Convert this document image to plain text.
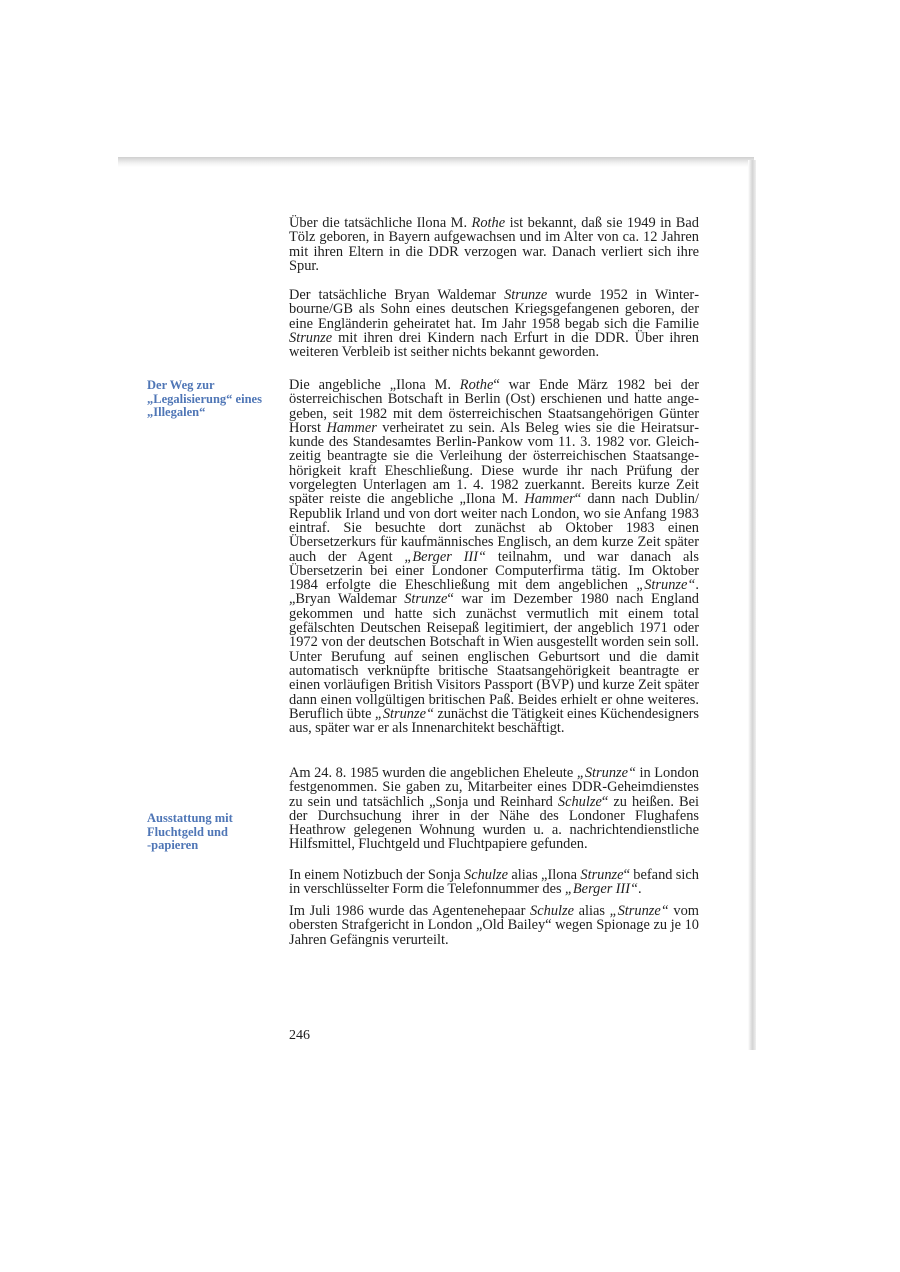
Über die tatsächliche Ilona M. Rothe ist bekannt, daß sie 1949 in Bad Tölz geboren, in Bayern aufgewachsen und im Alter von ca. 12 Jahren mit ihren Eltern in die DDR verzogen war. Danach verliert sich ihre Spur.

Der tatsächliche Bryan Waldemar Strunze wurde 1952 in Winterbourne/GB als Sohn eines deutschen Kriegsgefangenen geboren, der eine Engländerin geheiratet hat. Im Jahr 1958 begab sich die Familie Strunze mit ihren drei Kindern nach Erfurt in die DDR. Über ihren weiteren Verbleib ist seither nichts bekannt geworden.

Der Weg zur
„Legalisierung“ eines
„Illegalen“

Die angebliche „Ilona M. Rothe“ war Ende März 1982 bei der österreichischen Botschaft in Berlin (Ost) erschienen und hatte angegeben, seit 1982 mit dem österreichischen Staatsangehörigen Günter Horst Hammer verheiratet zu sein. Als Beleg wies sie die Heiratsurkunde des Standesamtes Berlin-Pankow vom 11. 3. 1982 vor. Gleichzeitig beantragte sie die Verleihung der österreichischen Staatsangehörigkeit kraft Eheschließung. Diese wurde ihr nach Prüfung der vorgelegten Unterlagen am 1. 4. 1982 zuerkannt. Bereits kurze Zeit später reiste die angebliche „Ilona M. Hammer“ dann nach Dublin/ Republik Irland und von dort weiter nach London, wo sie Anfang 1983 eintraf. Sie besuchte dort zunächst ab Oktober 1983 einen Übersetzerkurs für kaufmännisches Englisch, an dem kurze Zeit später auch der Agent „Berger III“ teilnahm, und war danach als Übersetzerin bei einer Londoner Computerfirma tätig. Im Oktober 1984 erfolgte die Eheschließung mit dem angeblichen „Strunze“. „Bryan Waldemar Strunze“ war im Dezember 1980 nach England gekommen und hatte sich zunächst vermutlich mit einem total gefälschten Deutschen Reisepaß legitimiert, der angeblich 1971 oder 1972 von der deutschen Botschaft in Wien ausgestellt worden sein soll. Unter Berufung auf seinen englischen Geburtsort und die damit automatisch verknüpfte britische Staatsangehörigkeit beantragte er einen vorläufigen British Visitors Passport (BVP) und kurze Zeit später dann einen vollgültigen britischen Paß. Beides erhielt er ohne weiteres. Beruflich übte „Strunze“ zunächst die Tätigkeit eines Küchendesigners aus, später war er als Innenarchitekt beschäftigt.

Am 24. 8. 1985 wurden die angeblichen Eheleute „Strunze“ in London festgenommen. Sie gaben zu, Mitarbeiter eines DDR-Geheimdienstes zu sein und tatsächlich „Sonja und Reinhard Schulze“ zu heißen. Bei der Durchsuchung ihrer in der Nähe des Londoner Flughafens Heathrow gelegenen Wohnung wurden u. a. nachrichtendienstliche Hilfsmittel, Fluchtgeld und Fluchtpapiere gefunden.

Ausstattung mit
Fluchtgeld und
-papieren

In einem Notizbuch der Sonja Schulze alias „Ilona Strunze“ befand sich in verschlüsselter Form die Telefonnummer des „Berger III“.

Im Juli 1986 wurde das Agentenehepaar Schulze alias „Strunze“ vom obersten Strafgericht in London „Old Bailey“ wegen Spionage zu je 10 Jahren Gefängnis verurteilt.

246
